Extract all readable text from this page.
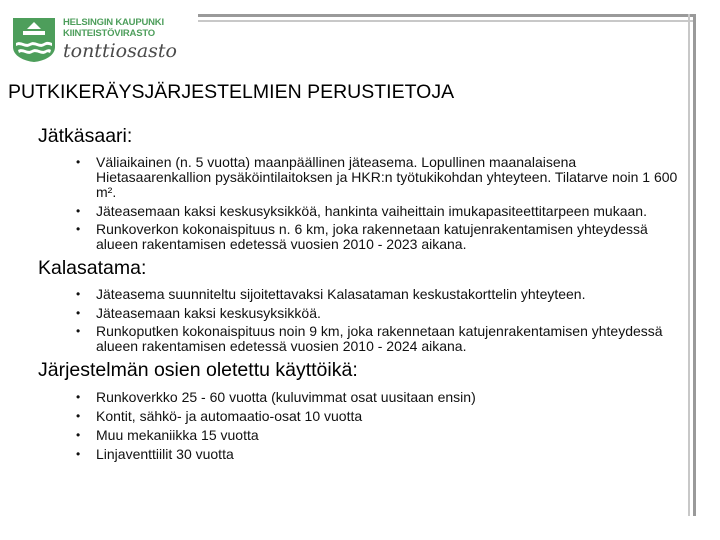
HELSINGIN KAUPUNKI
KIINTEISTÖVIRASTO
tonttiosasto
PUTKIKERÄYSJÄRJESTELMIEN PERUSTIETOJA
Jätkäsaari:
• Väliaikainen (n. 5 vuotta) maanpäällinen jäteasema. Lopullinen maanalaisena Hietasaarenkallion pysäköintilaitoksen ja HKR:n työtukikohdan yhteyteen. Tilatarve noin 1 600 m².
• Jäteasemaan kaksi keskusyksikköä, hankinta vaiheittain imukapasiteettitarpeen mukaan.
• Runkoverkon kokonaispituus n. 6 km, joka rakennetaan katujenrakentamisen yhteydessä alueen rakentamisen edetessä vuosien 2010 - 2023 aikana.
Kalasatama:
• Jäteasema suunniteltu sijoitettavaksi Kalasataman keskustakorttelin yhteyteen.
• Jäteasemaan kaksi keskusyksikköä.
• Runkoputken kokonaispituus noin 9 km, joka rakennetaan katujenrakentamisen yhteydessä alueen rakentamisen edetessä vuosien 2010 - 2024 aikana.
Järjestelmän osien oletettu käyttöikä:
• Runkoverkko 25 - 60 vuotta (kuluvimmat osat uusitaan ensin)
• Kontit, sähkö- ja automaatio-osat 10 vuotta
• Muu mekaniikka 15 vuotta
• Linjaventtiilit 30 vuotta
